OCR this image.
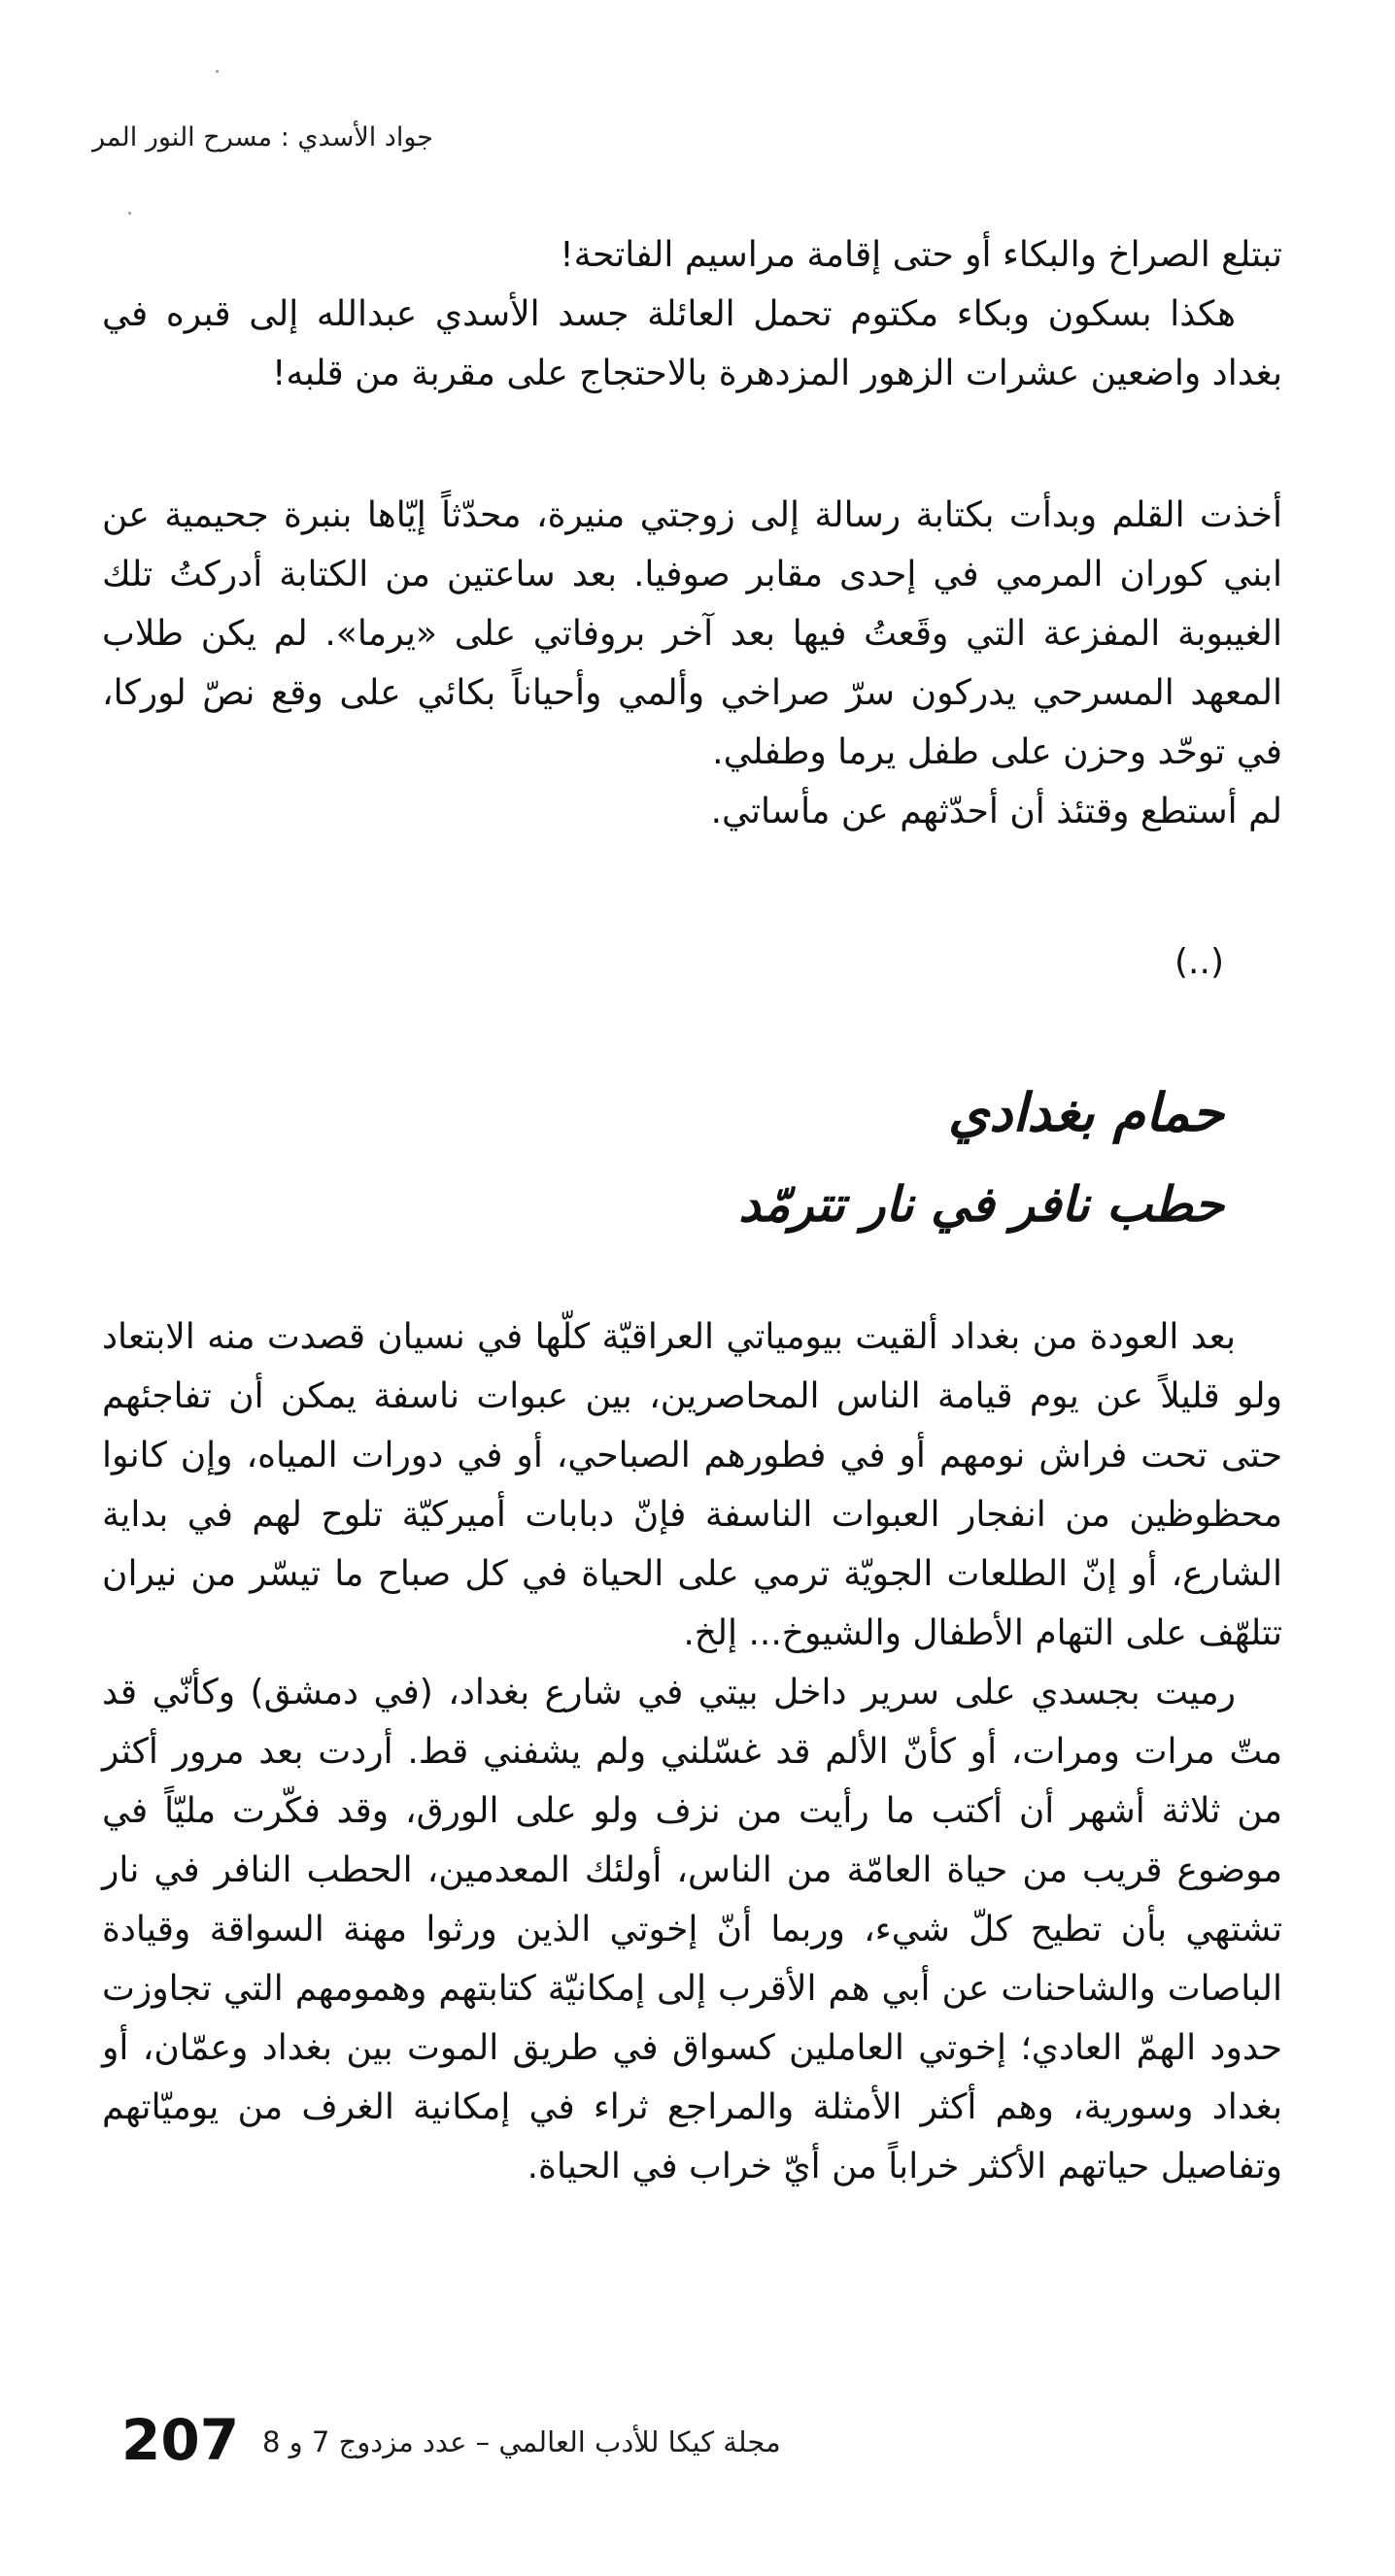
جواد الأسدي : مسرح النور المر

تبتلع الصراخ والبكاء أو حتى إقامة مراسيم الفاتحة!

هكذا بسكون وبكاء مكتوم تحمل العائلة جسد الأسدي عبدالله إلى قبره في بغداد واضعين عشرات الزهور المزدهرة بالاحتجاج على مقربة من قلبه!

أخذت القلم وبدأت بكتابة رسالة إلى زوجتي منيرة، محدّثاً إيّاها بنبرة جحيمية عن ابني كوران المرمي في إحدى مقابر صوفيا. بعد ساعتين من الكتابة أدركتُ تلك الغيبوبة المفزعة التي وقَعتُ فيها بعد آخر بروفاتي على «يرما». لم يكن طلاب المعهد المسرحي يدركون سرّ صراخي وألمي وأحياناً بكائي على وقع نصّ لوركا، في توحّد وحزن على طفل يرما وطفلي.

لم أستطع وقتئذ أن أحدّثهم عن مأساتي.

(..)
حمام بغدادي
حطب نافر في نار تترمّد

بعد العودة من بغداد ألقيت بيومياتي العراقيّة كلّها في نسيان قصدت منه الابتعاد ولو قليلاً عن يوم قيامة الناس المحاصرين، بين عبوات ناسفة يمكن أن تفاجئهم حتى تحت فراش نومهم أو في فطورهم الصباحي، أو في دورات المياه، وإن كانوا محظوظين من انفجار العبوات الناسفة فإنّ دبابات أميركيّة تلوح لهم في بداية الشارع، أو إنّ الطلعات الجويّة ترمي على الحياة في كل صباح ما تيسّر من نيران تتلهّف على التهام الأطفال والشيوخ... إلخ.

رميت بجسدي على سرير داخل بيتي في شارع بغداد، (في دمشق) وكأنّي قد متّ مرات ومرات، أو كأنّ الألم قد غسّلني ولم يشفني قط. أردت بعد مرور أكثر من ثلاثة أشهر أن أكتب ما رأيت من نزف ولو على الورق، وقد فكّرت مليّاً في موضوع قريب من حياة العامّة من الناس، أولئك المعدمين، الحطب النافر في نار تشتهي بأن تطيح كلّ شيء، وربما أنّ إخوتي الذين ورثوا مهنة السواقة وقيادة الباصات والشاحنات عن أبي هم الأقرب إلى إمكانيّة كتابتهم وهمومهم التي تجاوزت حدود الهمّ العادي؛ إخوتي العاملين كسواق في طريق الموت بين بغداد وعمّان، أو بغداد وسورية، وهم أكثر الأمثلة والمراجع ثراء في إمكانية الغرف من يوميّاتهم وتفاصيل حياتهم الأكثر خراباً من أيّ خراب في الحياة.

207 مجلة كيكا للأدب العالمي – عدد مزدوج 7 و 8
